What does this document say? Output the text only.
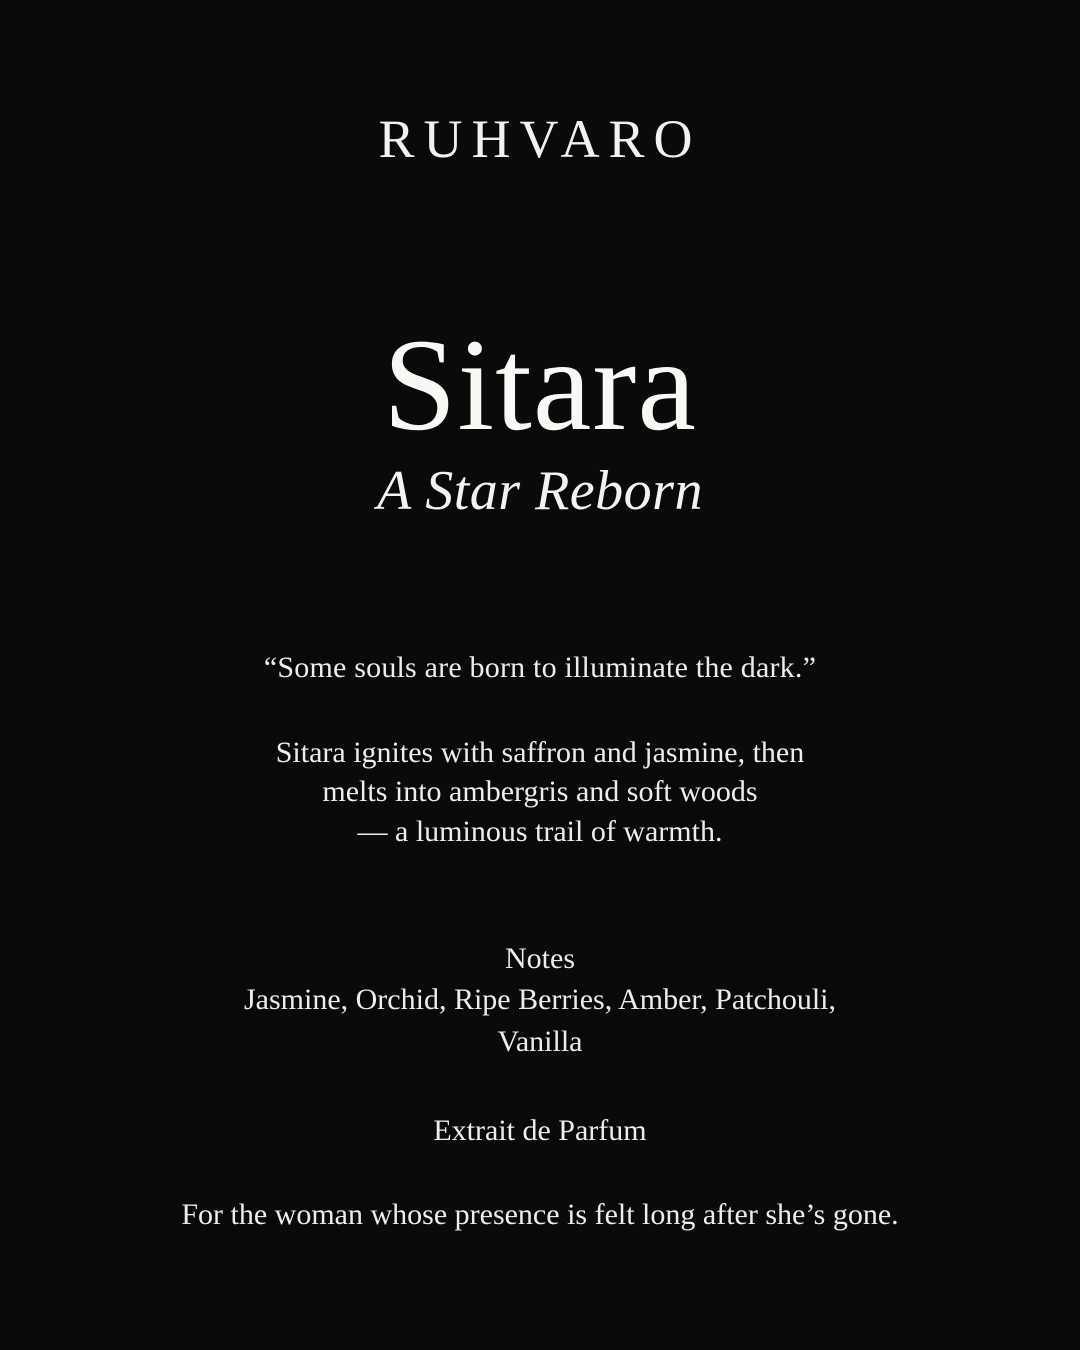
RUHVARO
Sitara
A Star Reborn
“Some souls are born to illuminate the dark.”
Sitara ignites with saffron and jasmine, then
melts into ambergris and soft woods
— a luminous trail of warmth.
Notes
Jasmine, Orchid, Ripe Berries, Amber, Patchouli,
Vanilla
Extrait de Parfum
For the woman whose presence is felt long after she’s gone.
